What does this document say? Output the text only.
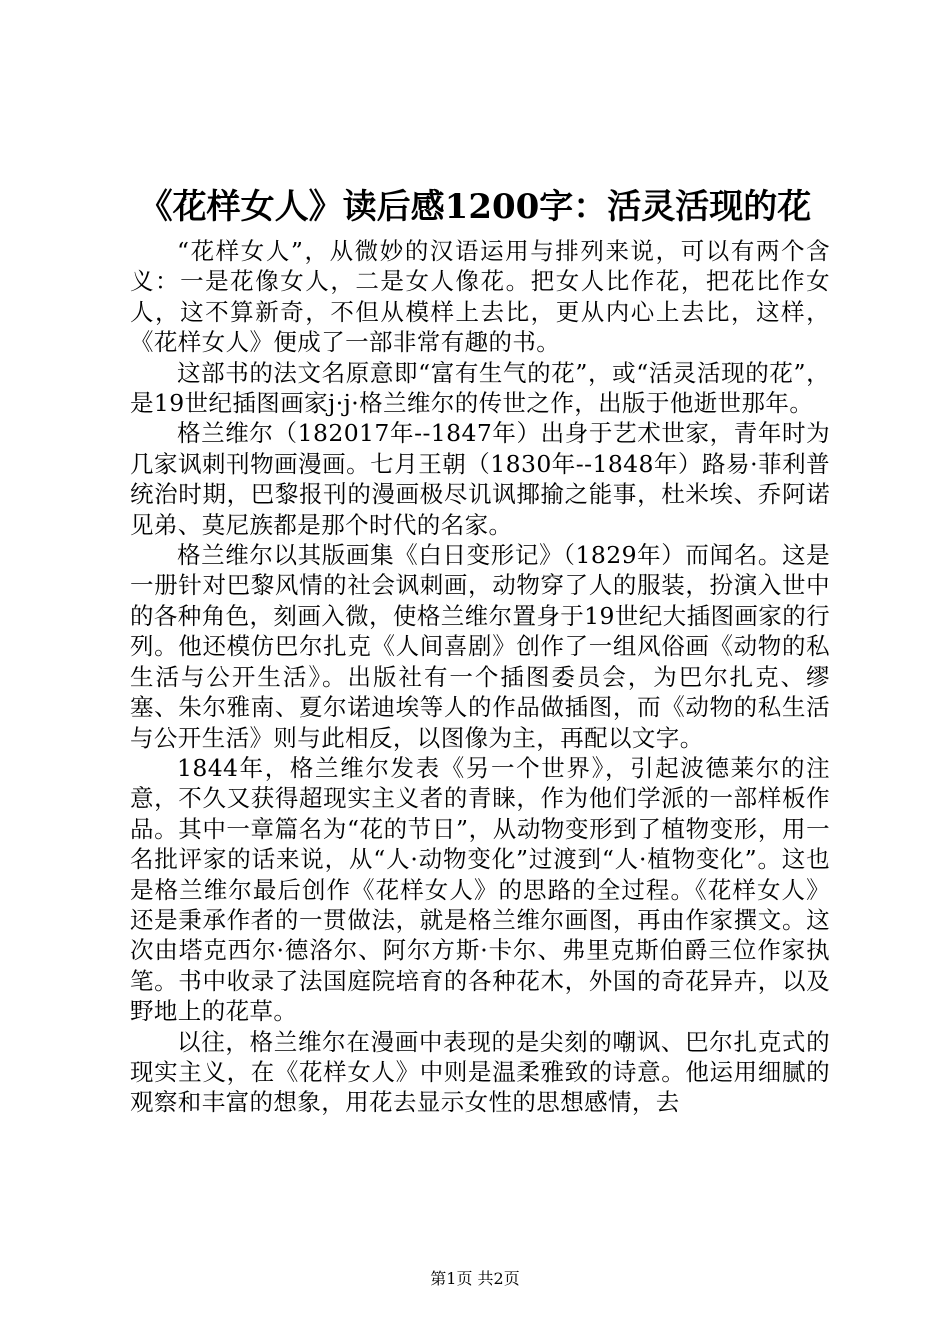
《花样女人》读后感1200字：活灵活现的花

“花样女人”，从微妙的汉语运用与排列来说，可以有两个含义：一是花像女人，二是女人像花。把女人比作花，把花比作女人，这不算新奇，不但从模样上去比，更从内心上去比，这样，《花样女人》便成了一部非常有趣的书。

这部书的法文名原意即“富有生气的花”，或“活灵活现的花”，是19世纪插图画家j·j·格兰维尔的传世之作，出版于他逝世那年。

格兰维尔（182017年--1847年）出身于艺术世家，青年时为几家讽刺刊物画漫画。七月王朝（1830年--1848年）路易·菲利普统治时期，巴黎报刊的漫画极尽讥讽揶揄之能事，杜米埃、乔阿诺见弟、莫尼族都是那个时代的名家。

格兰维尔以其版画集《白日变形记》（1829年）而闻名。这是一册针对巴黎风情的社会讽刺画，动物穿了人的服装，扮演入世中的各种角色，刻画入微，使格兰维尔置身于19世纪大插图画家的行列。他还模仿巴尔扎克《人间喜剧》创作了一组风俗画《动物的私生活与公开生活》。出版社有一个插图委员会，为巴尔扎克、缪塞、朱尔雅南、夏尔诺迪埃等人的作品做插图，而《动物的私生活与公开生活》则与此相反，以图像为主，再配以文字。

1844年，格兰维尔发表《另一个世界》，引起波德莱尔的注意，不久又获得超现实主义者的青睐，作为他们学派的一部样板作品。其中一章篇名为“花的节日”，从动物变形到了植物变形，用一名批评家的话来说，从“人·动物变化”过渡到“人·植物变化”。这也是格兰维尔最后创作《花样女人》的思路的全过程。《花样女人》还是秉承作者的一贯做法，就是格兰维尔画图，再由作家撰文。这次由塔克西尔·德洛尔、阿尔方斯·卡尔、弗里克斯伯爵三位作家执笔。书中收录了法国庭院培育的各种花木，外国的奇花异卉，以及野地上的花草。

以往，格兰维尔在漫画中表现的是尖刻的嘲讽、巴尔扎克式的现实主义，在《花样女人》中则是温柔雅致的诗意。他运用细腻的观察和丰富的想象，用花去显示女性的思想感情，去

第1页 共2页
